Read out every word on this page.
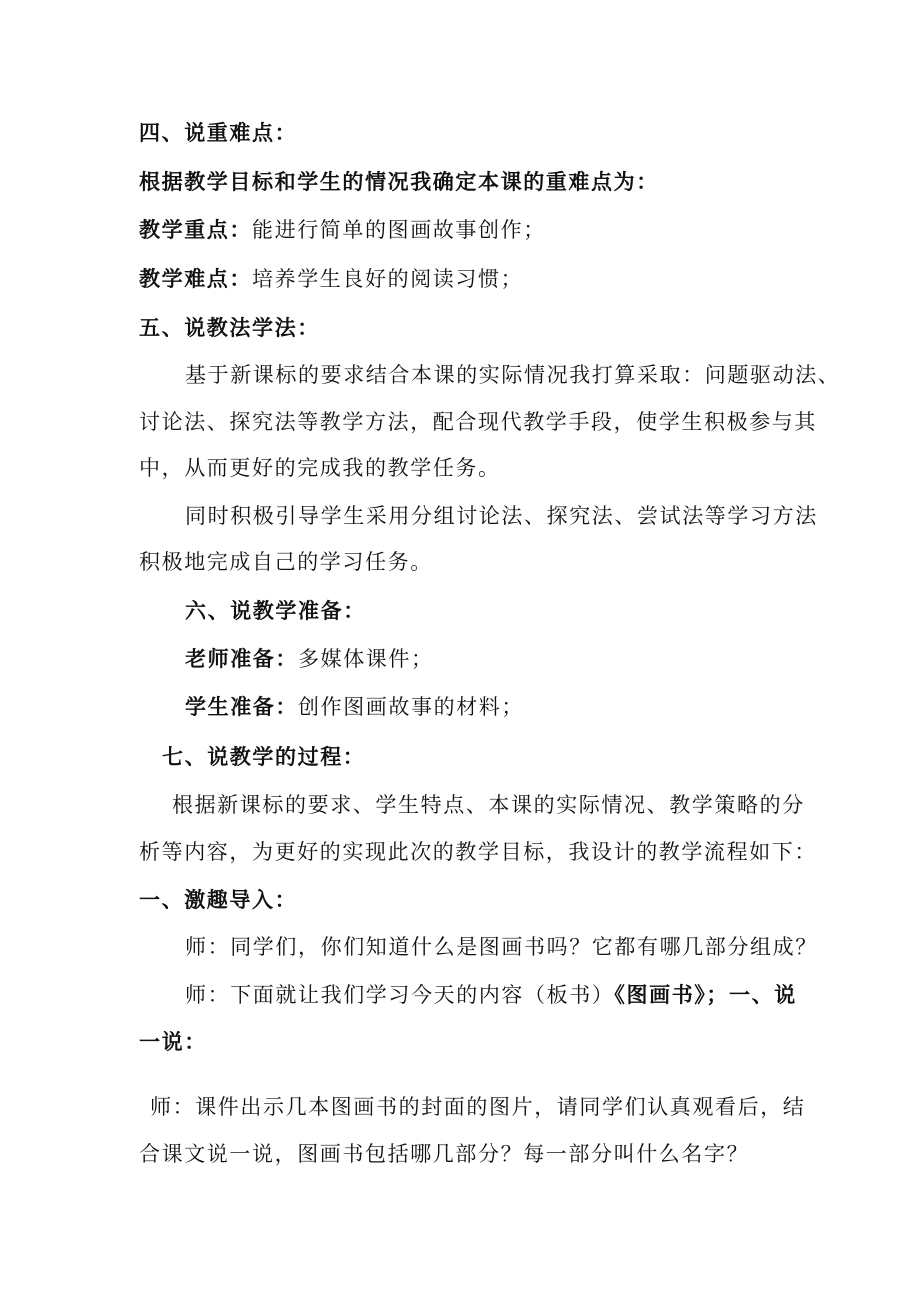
四、说重难点：

根据教学目标和学生的情况我确定本课的重难点为：

教学重点：能进行简单的图画故事创作；

教学难点：培养学生良好的阅读习惯；

五、说教法学法：

基于新课标的要求结合本课的实际情况我打算采取：问题驱动法、

讨论法、探究法等教学方法，配合现代教学手段，使学生积极参与其

中，从而更好的完成我的教学任务。

同时积极引导学生采用分组讨论法、探究法、尝试法等学习方法

积极地完成自己的学习任务。

六、说教学准备：

老师准备：多媒体课件；

学生准备：创作图画故事的材料；

七、说教学的过程：

根据新课标的要求、学生特点、本课的实际情况、教学策略的分

析等内容，为更好的实现此次的教学目标，我设计的教学流程如下：

一、激趣导入：

师：同学们，你们知道什么是图画书吗？它都有哪几部分组成？

师：下面就让我们学习今天的内容（板书）《图画书》；一、说

一说：

师：课件出示几本图画书的封面的图片，请同学们认真观看后，结

合课文说一说，图画书包括哪几部分？每一部分叫什么名字？
